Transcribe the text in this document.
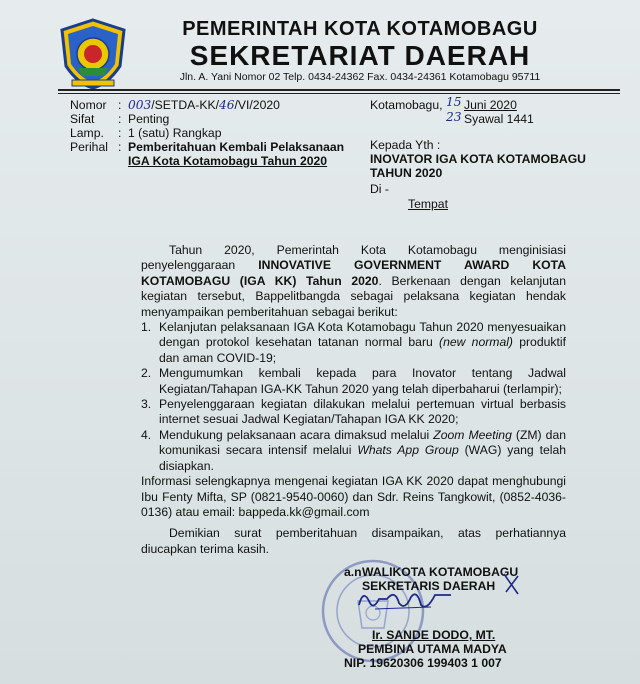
PEMERINTAH KOTA KOTAMOBAGU
SEKRETARIAT DAERAH
Jln. A. Yani Nomor 02 Telp. 0434-24362 Fax. 0434-24361 Kotamobagu 95711
Nomor : 003/SETDA-KK/46/VI/2020
Sifat : Penting
Lamp. : 1 (satu) Rangkap
Perihal : Pemberitahuan Kembali Pelaksanaan
IGA Kota Kotamobagu Tahun 2020
Kotamobagu, 15 Juni 2020
23 Syawal 1441
Kepada Yth :
INOVATOR IGA KOTA KOTAMOBAGU
TAHUN 2020
Di -
Tempat

Tahun 2020, Pemerintah Kota Kotamobagu menginisiasi penyelenggaraan INNOVATIVE GOVERNMENT AWARD KOTA KOTAMOBAGU (IGA KK) Tahun 2020. Berkenaan dengan kelanjutan kegiatan tersebut, Bappelitbangda sebagai pelaksana kegiatan hendak menyampaikan pemberitahuan sebagai berikut:

1. Kelanjutan pelaksanaan IGA Kota Kotamobagu Tahun 2020 menyesuaikan dengan protokol kesehatan tatanan normal baru (new normal) produktif dan aman COVID-19;
2. Mengumumkan kembali kepada para Inovator tentang Jadwal Kegiatan/Tahapan IGA-KK Tahun 2020 yang telah diperbaharui (terlampir);
3. Penyelenggaraan kegiatan dilakukan melalui pertemuan virtual berbasis internet sesuai Jadwal Kegiatan/Tahapan IGA KK 2020;
4. Mendukung pelaksanaan acara dimaksud melalui Zoom Meeting (ZM) dan komunikasi secara intensif melalui Whats App Group (WAG) yang telah disiapkan.

Informasi selengkapnya mengenai kegiatan IGA KK 2020 dapat menghubungi Ibu Fenty Mifta, SP (0821-9540-0060) dan Sdr. Reins Tangkowit, (0852-4036-0136) atau email: bappeda.kk@gmail.com

Demikian surat pemberitahuan disampaikan, atas perhatiannya diucapkan terima kasih.

a.n WALIKOTA KOTAMOBAGU
SEKRETARIS DAERAH
Ir. SANDE DODO, MT.
PEMBINA UTAMA MADYA
NIP. 19620306 199403 1 007
